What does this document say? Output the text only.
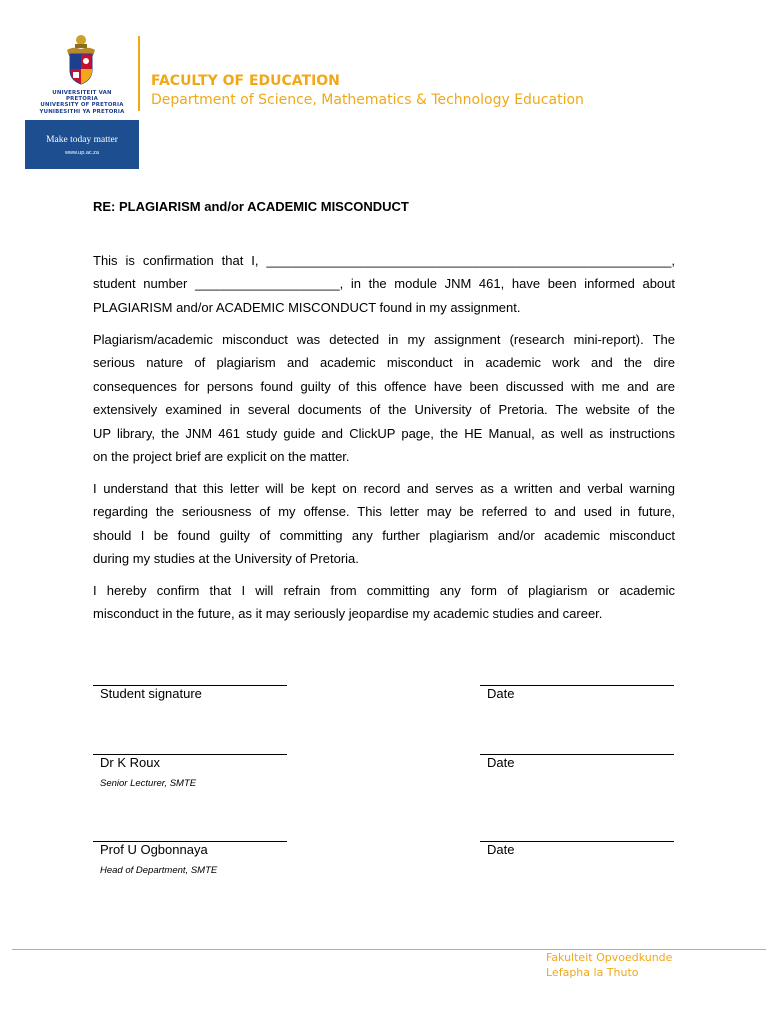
UNIVERSITEIT VAN PRETORIA
UNIVERSITY OF PRETORIA
YUNIBESITHI YA PRETORIA
Make today matter
www.up.ac.za
FACULTY OF EDUCATION
Department of Science, Mathematics & Technology Education
RE: PLAGIARISM and/or ACADEMIC MISCONDUCT
This is confirmation that I, ________________________________________________________,
student number ____________________, in the module JNM 461, have been informed about
PLAGIARISM and/or ACADEMIC MISCONDUCT found in my assignment.
Plagiarism/academic misconduct was detected in my assignment (research mini-report). The
serious nature of plagiarism and academic misconduct in academic work and the dire
consequences for persons found guilty of this offence have been discussed with me and are
extensively examined in several documents of the University of Pretoria. The website of the
UP library, the JNM 461 study guide and ClickUP page, the HE Manual, as well as instructions
on the project brief are explicit on the matter.
I understand that this letter will be kept on record and serves as a written and verbal warning
regarding the seriousness of my offense. This letter may be referred to and used in future,
should I be found guilty of committing any further plagiarism and/or academic misconduct
during my studies at the University of Pretoria.
I hereby confirm that I will refrain from committing any form of plagiarism or academic
misconduct in the future, as it may seriously jeopardise my academic studies and career.
Student signature	Date
Dr K Roux
Senior Lecturer, SMTE
Date
Prof U Ogbonnaya
Head of Department, SMTE
Date
Fakulteit Opvoedkunde
Lefapha la Thuto
